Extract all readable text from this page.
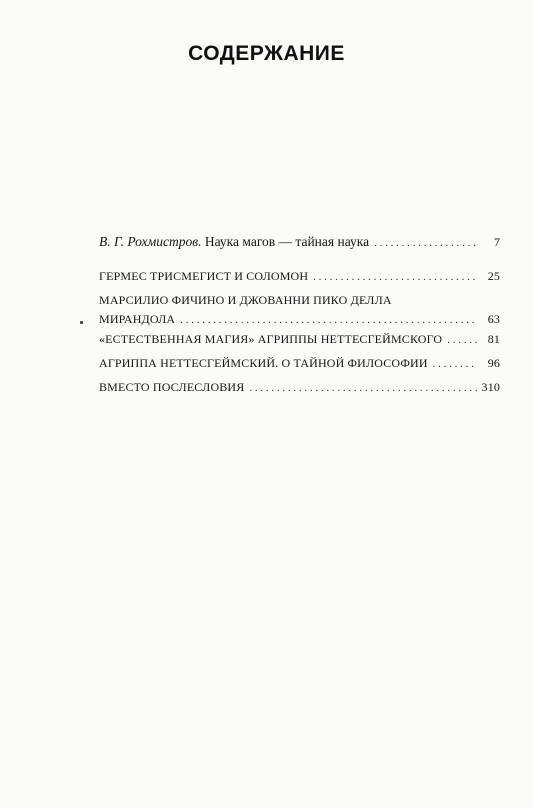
СОДЕРЖАНИЕ
В. Г. Рохмистров. Наука магов — тайная наука . . .	7
ГЕРМЕС ТРИСМЕГИСТ И СОЛОМОН . . .	25
МАРСИЛИО ФИЧИНО И ДЖОВАННИ ПИКО ДЕЛЛА
МИРАНДОЛА . . .	63
«ЕСТЕСТВЕННАЯ МАГИЯ» АГРИППЫ НЕТТЕСГЕЙМСКОГО . . .	81
АГРИППА НЕТТЕСГЕЙМСКИЙ. О ТАЙНОЙ ФИЛОСОФИИ . . .	96
ВМЕСТО ПОСЛЕСЛОВИЯ . . .	310
